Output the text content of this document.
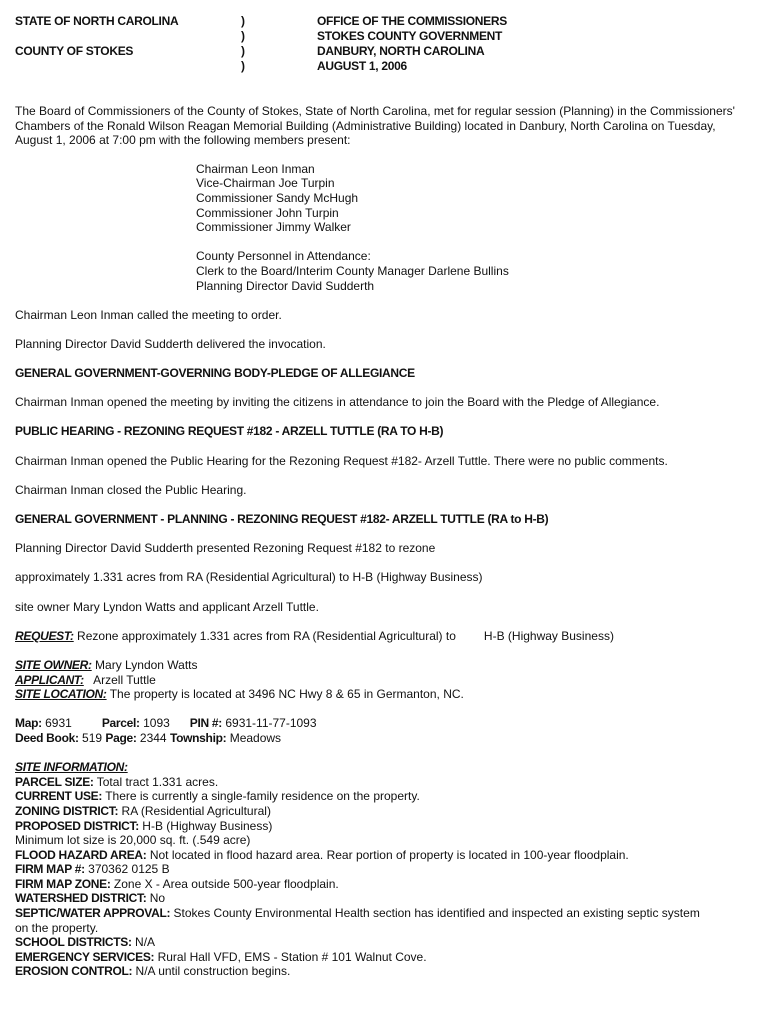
STATE OF NORTH CAROLINA
COUNTY OF STOKES
)
)
)
)
OFFICE OF THE COMMISSIONERS
STOKES COUNTY GOVERNMENT
DANBURY, NORTH CAROLINA
AUGUST 1, 2006

The Board of Commissioners of the County of Stokes, State of North Carolina, met for regular session (Planning) in the Commissioners' Chambers of the Ronald Wilson Reagan Memorial Building (Administrative Building) located in Danbury, North Carolina on Tuesday, August 1, 2006 at 7:00 pm with the following members present:

Chairman Leon Inman
Vice-Chairman Joe Turpin
Commissioner Sandy McHugh
Commissioner John Turpin
Commissioner Jimmy Walker
County Personnel in Attendance:
Clerk to the Board/Interim County Manager Darlene Bullins
Planning Director David Sudderth

Chairman Leon Inman called the meeting to order.

Planning Director David Sudderth delivered the invocation.

GENERAL GOVERNMENT-GOVERNING BODY-PLEDGE OF ALLEGIANCE

Chairman Inman opened the meeting by inviting the citizens in attendance to join the Board with the Pledge of Allegiance.

PUBLIC HEARING - REZONING REQUEST #182 - ARZELL TUTTLE (RA TO H-B)

Chairman Inman opened the Public Hearing for the Rezoning Request #182- Arzell Tuttle. There were no public comments.

Chairman Inman closed the Public Hearing.

GENERAL GOVERNMENT - PLANNING - REZONING REQUEST #182- ARZELL TUTTLE (RA to H-B)

Planning Director David Sudderth presented Rezoning Request #182 to rezone

approximately 1.331 acres from RA (Residential Agricultural) to H-B (Highway Business)

site owner Mary Lyndon Watts and applicant Arzell Tuttle.

REQUEST: Rezone approximately 1.331 acres from RA (Residential Agricultural) to H-B (Highway Business)

SITE OWNER: Mary Lyndon Watts
APPLICANT:   Arzell Tuttle
SITE LOCATION: The property is located at 3496 NC Hwy 8 & 65 in Germanton, NC.
Map: 6931	Parcel: 1093 PIN #: 6931-11-77-1093
Deed Book: 519 Page: 2344 Township: Meadows
SITE INFORMATION:
PARCEL SIZE: Total tract 1.331 acres.
CURRENT USE: There is currently a single-family residence on the property.
ZONING DISTRICT: RA (Residential Agricultural)
PROPOSED DISTRICT: H-B (Highway Business)
Minimum lot size is 20,000 sq. ft. (.549 acre)
FLOOD HAZARD AREA: Not located in flood hazard area. Rear portion of property is located in 100-year floodplain.
FIRM MAP #: 370362 0125 B
FIRM MAP ZONE: Zone X - Area outside 500-year floodplain.
WATERSHED DISTRICT: No
SEPTIC/WATER APPROVAL: Stokes County Environmental Health section has identified and inspected an existing septic system
on the property.
SCHOOL DISTRICTS: N/A
EMERGENCY SERVICES: Rural Hall VFD, EMS - Station # 101 Walnut Cove.
EROSION CONTROL: N/A until construction begins.
